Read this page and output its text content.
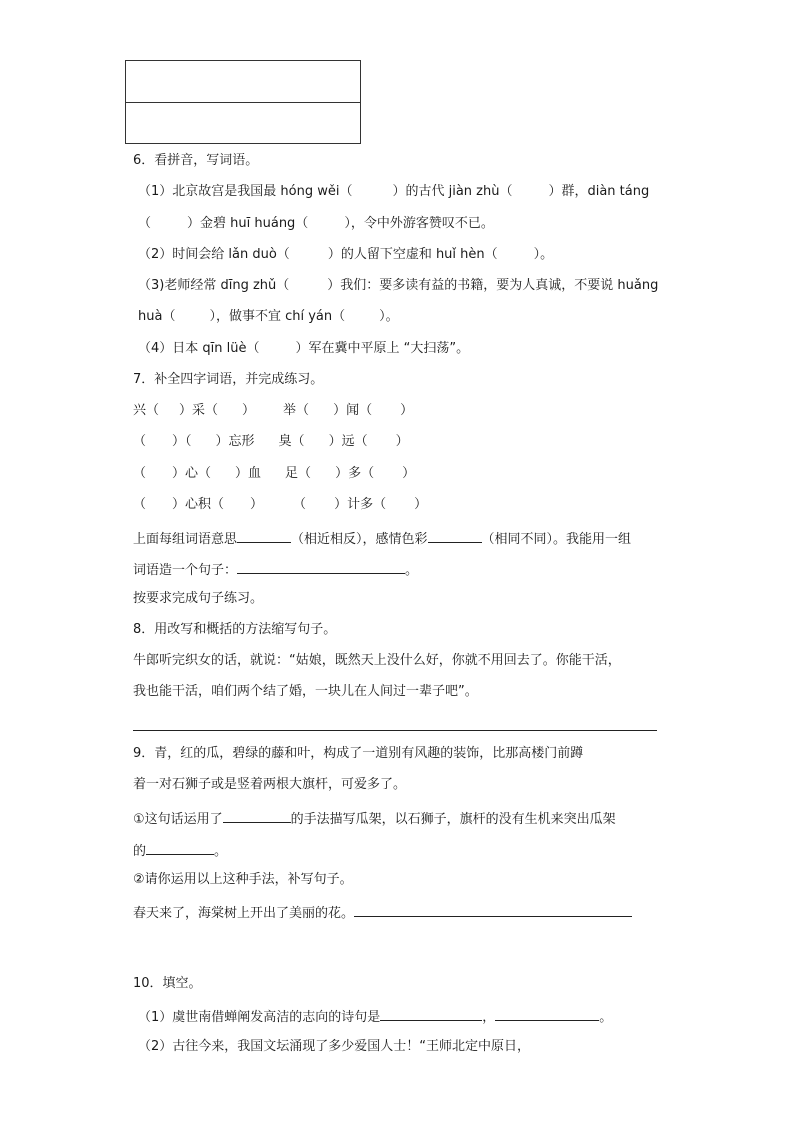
6．看拼音，写词语。
（1）北京故宫是我国最 hóng wěi（	）的古代 jiàn zhù（	）群，diàn táng
（	）金碧 huī huáng（	），令中外游客赞叹不已。
（2）时间会给 lǎn duò（	）的人留下空虚和 huǐ hèn（	）。
（3)老师经常 dīng zhǔ（	）我们：要多读有益的书籍，要为人真诚，不要说 huǎng
huà（	），做事不宜 chí yán（	）。
（4）日本 qīn lüè（	）军在冀中平原上 “大扫荡”。
7．补全四字词语，并完成练习。
兴（ ）采（ ） 举（ ）闻（ ）
（ ）（ ）忘形 臭（ ）远（ ）
（ ）心（ ）血 足（ ）多（ ）
（ ）心积（ ） （ ）计多（ ）
上面每组词语意思	（相近相反），感情色彩	（相同不同）。我能用一组
词语造一个句子：	。
按要求完成句子练习。
8．用改写和概括的方法缩写句子。
牛郎听完织女的话，就说：“姑娘，既然天上没什么好，你就不用回去了。你能干活，
我也能干活，咱们两个结了婚，一块儿在人间过一辈子吧”。
9．青，红的瓜，碧绿的藤和叶，构成了一道别有风趣的装饰，比那高楼门前蹲
着一对石狮子或是竖着两根大旗杆，可爱多了。
①这句话运用了	的手法描写瓜架，以石狮子，旗杆的没有生机来突出瓜架
的	。
②请你运用以上这种手法，补写句子。
春天来了，海棠树上开出了美丽的花。
10．填空。
（1）虞世南借蝉阐发高洁的志向的诗句是	，	。
（2）古往今来，我国文坛涌现了多少爱国人士！“王师北定中原日，
